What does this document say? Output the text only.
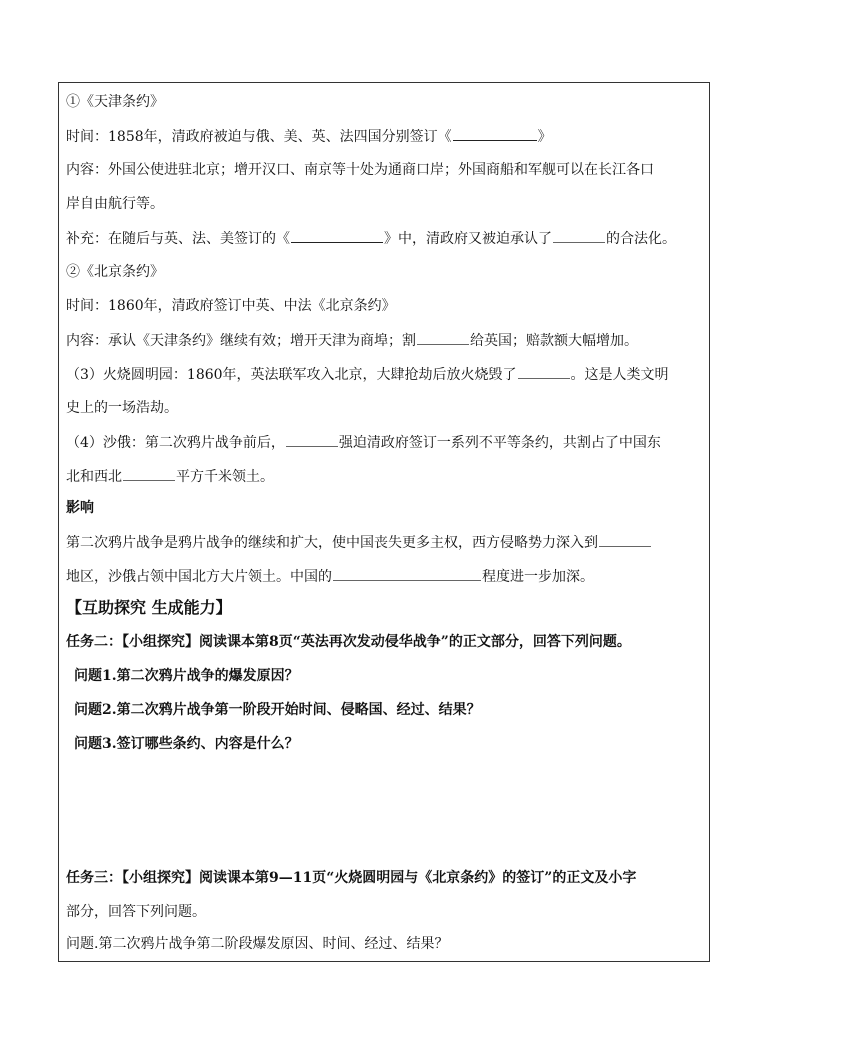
①《天津条约》
时间：1858年，清政府被迫与俄、美、英、法四国分别签订《	》
内容：外国公使进驻北京；增开汉口、南京等十处为通商口岸；外国商船和军舰可以在长江各口
岸自由航行等。
补充：在随后与英、法、美签订的《	》中，清政府又被迫承认了	的合法化。
②《北京条约》
时间：1860年，清政府签订中英、中法《北京条约》
内容：承认《天津条约》继续有效；增开天津为商埠；割	给英国；赔款额大幅增加。
（3）火烧圆明园：1860年，英法联军攻入北京，大肆抢劫后放火烧毁了	。这是人类文明
史上的一场浩劫。
（4）沙俄：第二次鸦片战争前后，	强迫清政府签订一系列不平等条约，共割占了中国东
北和西北	平方千米领土。
影响
第二次鸦片战争是鸦片战争的继续和扩大，使中国丧失更多主权，西方侵略势力深入到
地区，沙俄占领中国北方大片领土。中国的	程度进一步加深。
【互助探究 生成能力】
任务二：【小组探究】阅读课本第8页“英法再次发动侵华战争”的正文部分，回答下列问题。
问题1.第二次鸦片战争的爆发原因？
问题2.第二次鸦片战争第一阶段开始时间、侵略国、经过、结果？
问题3.签订哪些条约、内容是什么？
任务三：【小组探究】阅读课本第9—11页“火烧圆明园与《北京条约》的签订”的正文及小字
部分，回答下列问题。
问题.第二次鸦片战争第二阶段爆发原因、时间、经过、结果？
